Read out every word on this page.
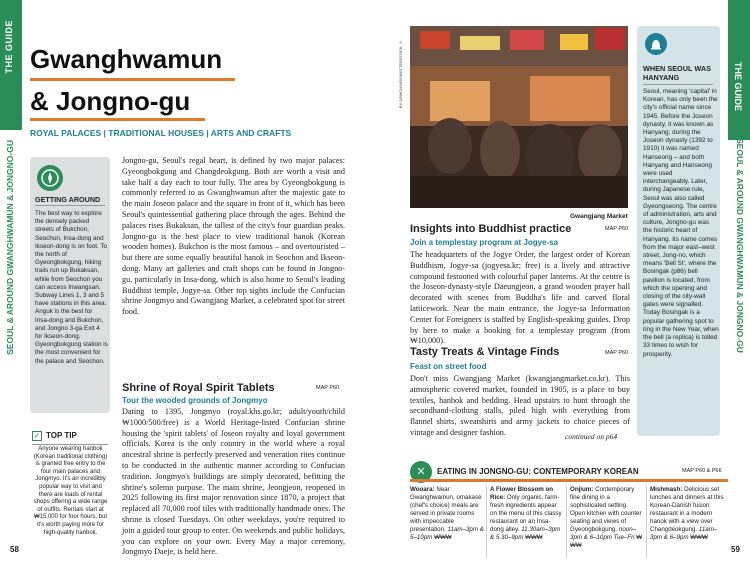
THE GUIDE
SEOUL & AROUND GWANGHWAMUN & JONGNO-GU
58
THE GUIDE
SEOUL & AROUND GWANGHWAMUN & JONGNO-GU
59
Gwanghwamun
& Jongno-gu
ROYAL PALACES | TRADITIONAL HOUSES | ARTS AND CRAFTS
GETTING AROUND
The best way to explore the densely packed streets of Bukchon, Seochon, Insa-dong and Ikseon-dong is on foot. To the north of Gyeongbokgung, hiking trails run up Bukaksan, while from Seochon you can access Inwangsan. Subway Lines 1, 3 and 5 have stations in this area. Anguk is the best for Insa-dong and Bukchon, and Jongno 3-ga Exit 4 for Ikseon-dong. Gyeongbokgung station is the most convenient for the palace and Seochon.
✓ TOP TIP
Anyone wearing hanbok (Korean traditional clothing) is granted free entry to the four main palaces and Jongmyo. It's an incredibly popular way to visit and there are loads of rental shops offering a wide range of outfits. Rentals start at ₩15,000 for four hours, but it's worth paying more for high-quality hanbok.
Jongno-gu, Seoul's regal heart, is defined by two major palaces: Gyeongbokgung and Changdeokgung. Both are worth a visit and take half a day each to tour fully. The area by Gyeongbokgung is commonly referred to as Gwanghwamun after the majestic gate to the main Joseon palace and the square in front of it, which has been Seoul's quintessential gathering place through the ages. Behind the palaces rises Bukaksan, the tallest of the city's four guardian peaks. Jongno-gu is the best place to view traditional hanok (Korean wooden homes). Bukchon is the most famous – and overtouristed – but there are some equally beautiful hanok in Seochon and Ikseon-dong. Many art galleries and craft shops can be found in Jongno-gu, particularly in Insa-dong, which is also home to Seoul's leading Buddhist temple, Jogye-sa. Other top sights include the Confucian shrine Jongmyo and Gwangjang Market, a celebrated spot for street food.
Shrine of Royal Spirit Tablets	MAP P60
Tour the wooded grounds of Jongmyo
Dating to 1395, Jongmyo (royal.khs.go.kr; adult/youth/child ₩1000/500/free) is a World Heritage-listed Confucian shrine housing the 'spirit tablets' of Joseon royalty and loyal government officials. Korea is the only country in the world where a royal ancestral shrine is perfectly preserved and veneration rites continue to be conducted in the authentic manner according to Confucian tradition. Jongmyo's buildings are simply decorated, befitting the shrine's solemn purpose. The main shrine, Jeongjeon, reopened in 2025 following its first major renovation since 1870, a project that replaced all 70,000 roof tiles with traditionally handmade ones. The shrine is closed Tuesdays. On other weekdays, you're required to join a guided tour group to enter. On weekends and public holidays, you can explore on your own. Every May a major ceremony, Jongmyo Daeje, is held here.
BY ARMCHAIR/SHUTTERSTOCK ©
Gwangjang Market
WHEN SEOUL WAS HANYANG
Seoul, meaning 'capital' in Korean, has only been the city's official name since 1945. Before the Joseon dynasty, it was known as Hanyang; during the Joseon dynasty (1392 to 1910) it was named Hanseong – and both Hanyang and Hanseong were used interchangeably. Later, during Japanese rule, Seoul was also called Gyeongseong. The centre of administration, arts and culture, Jongno-gu was the historic heart of Hanyang. Its name comes from the major east–west street, Jong-no, which means 'Bell St', where the Bosingak (p86) bell pavilion is located, from which the opening and closing of the city-wall gates were signalled. Today Bosingak is a popular gathering spot to ring in the New Year, when the bell (a replica) is tolled 33 times to wish for prosperity.
Insights into Buddhist practice	MAP P60
Join a templestay program at Jogye-sa
The headquarters of the Jogye Order, the largest order of Korean Buddhism, Jogye-sa (jogyesa.kr; free) is a lively and attractive compound festooned with colourful paper lanterns. At the centre is the Joseon-dynasty-style Daeungjeon, a grand wooden prayer hall decorated with scenes from Buddha's life and carved floral latticework. Near the main entrance, the Jogye-sa Information Center for Foreigners is staffed by English-speaking guides. Drop by here to make a booking for a templestay program (from ₩10,000).
Tasty Treats & Vintage Finds	MAP P60
Feast on street food
Don't miss Gwangjang Market (kwangjangmarket.co.kr). This atmospheric covered market, founded in 1905, is a place to buy textiles, hanbok and bedding. Head upstairs to hunt through the secondhand-clothing stalls, piled high with everything from flannel shirts, sweatshirts and army jackets to choice pieces of vintage and designer fashion.	continued on p64
✕	EATING IN JONGNO-GU: CONTEMPORARY KOREAN	MAP P60 & P66
Wooara: Near Gwanghwamun, omakase (chef's choice) meals are served in private rooms with impeccable presentation. 11am–3pm & 5–10pm ₩₩₩
A Flower Blossom on Rice: Only organic, farm-fresh ingredients appear on the menu of this classy restaurant on an Insa-dong alley. 11.30am–3pm & 5.30–9pm ₩₩₩
Onjium: Contemporary fine dining in a sophisticated setting. Open kitchen with counter seating and views of Gyeongbokgung. noon–3pm & 6–10pm Tue–Fri ₩₩₩
Mishmash: Delicious set lunches and dinners at this Korean-Danish fusion restaurant in a modern hanok with a view over Changdeokgung. 11am–3pm & 6–9pm ₩₩₩
